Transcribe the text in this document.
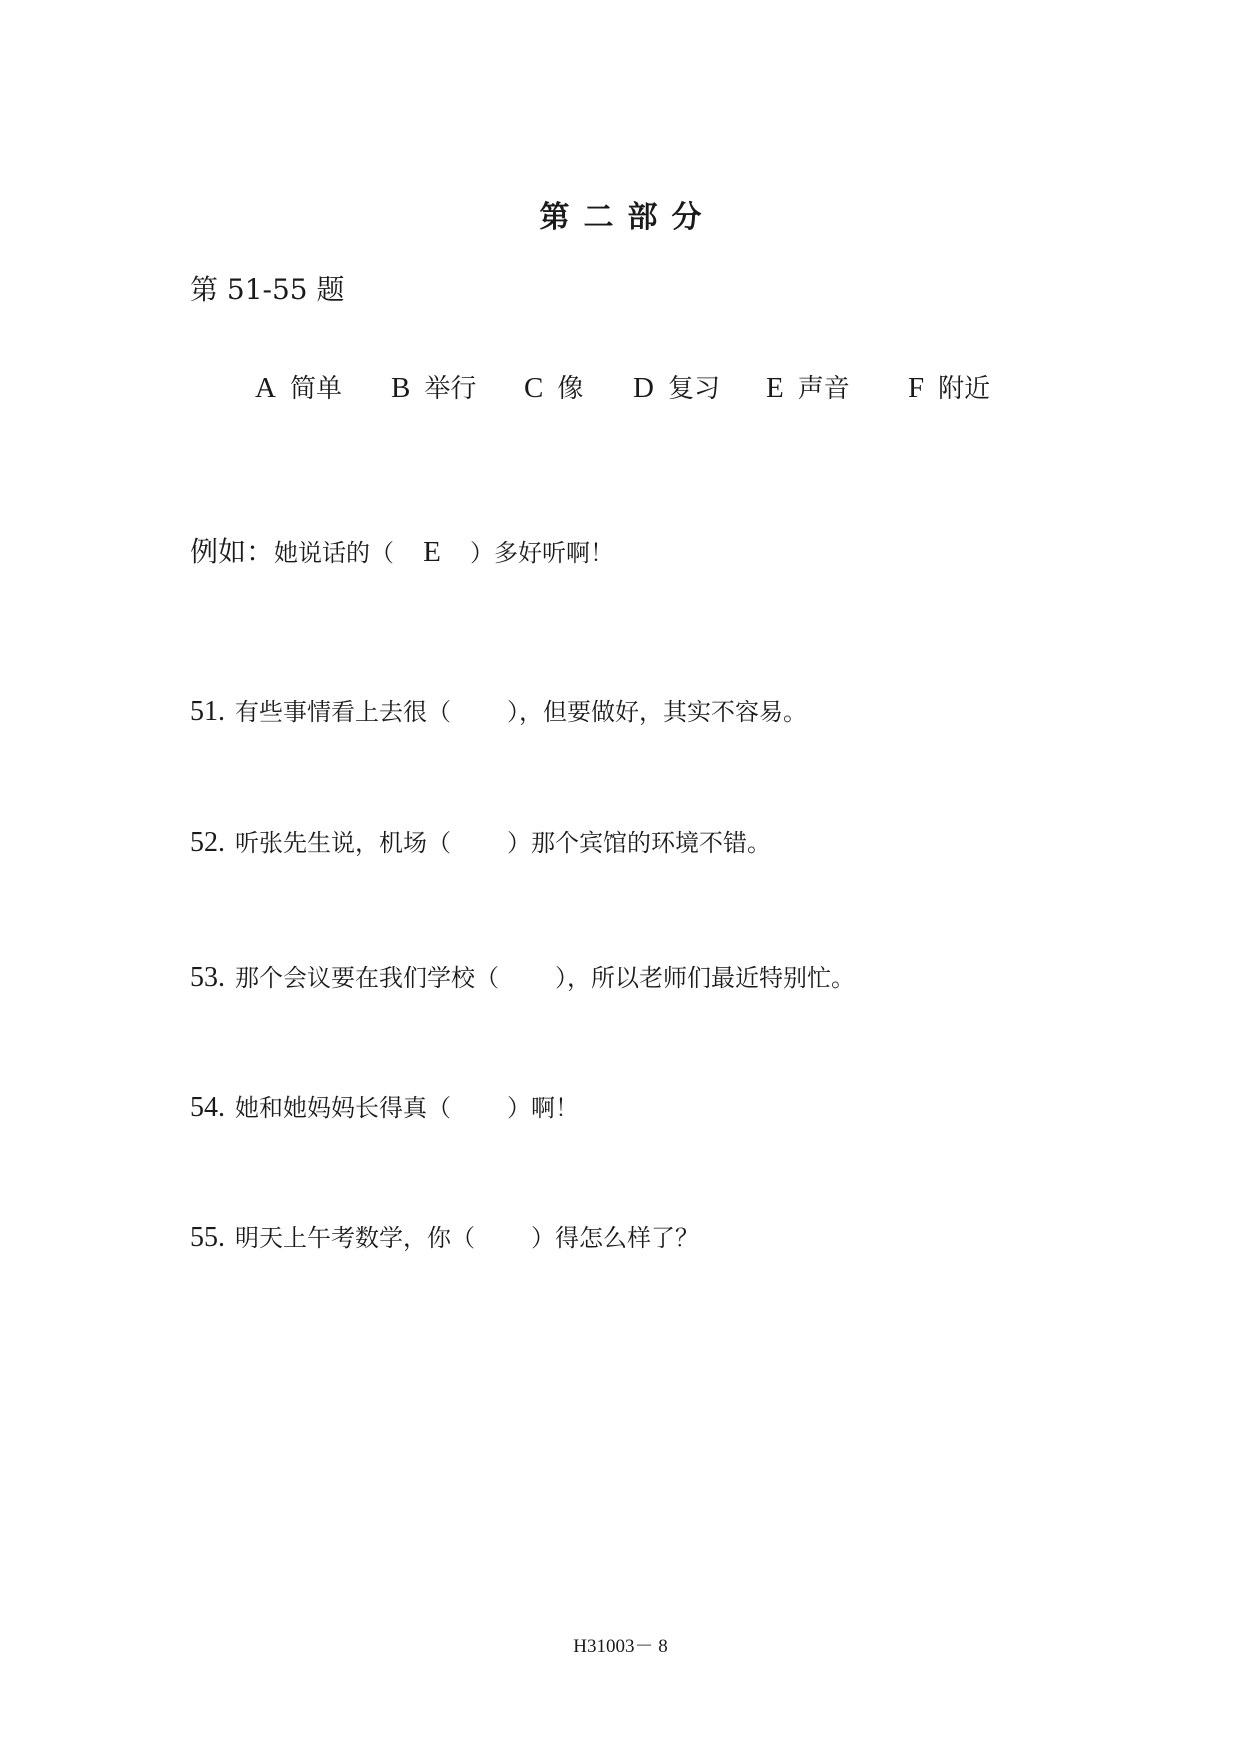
第二部分
第 51-55 题
A 简单 B 举行 C 像 D 复习 E 声音 F 附近
例如：她说话的（ E ）多好听啊！
51. 有些事情看上去很（ ），但要做好，其实不容易。
52. 听张先生说，机场（ ）那个宾馆的环境不错。
53. 那个会议要在我们学校（ ），所以老师们最近特别忙。
54. 她和她妈妈长得真（ ）啊！
55. 明天上午考数学，你（ ）得怎么样了？
H31003－ 8
